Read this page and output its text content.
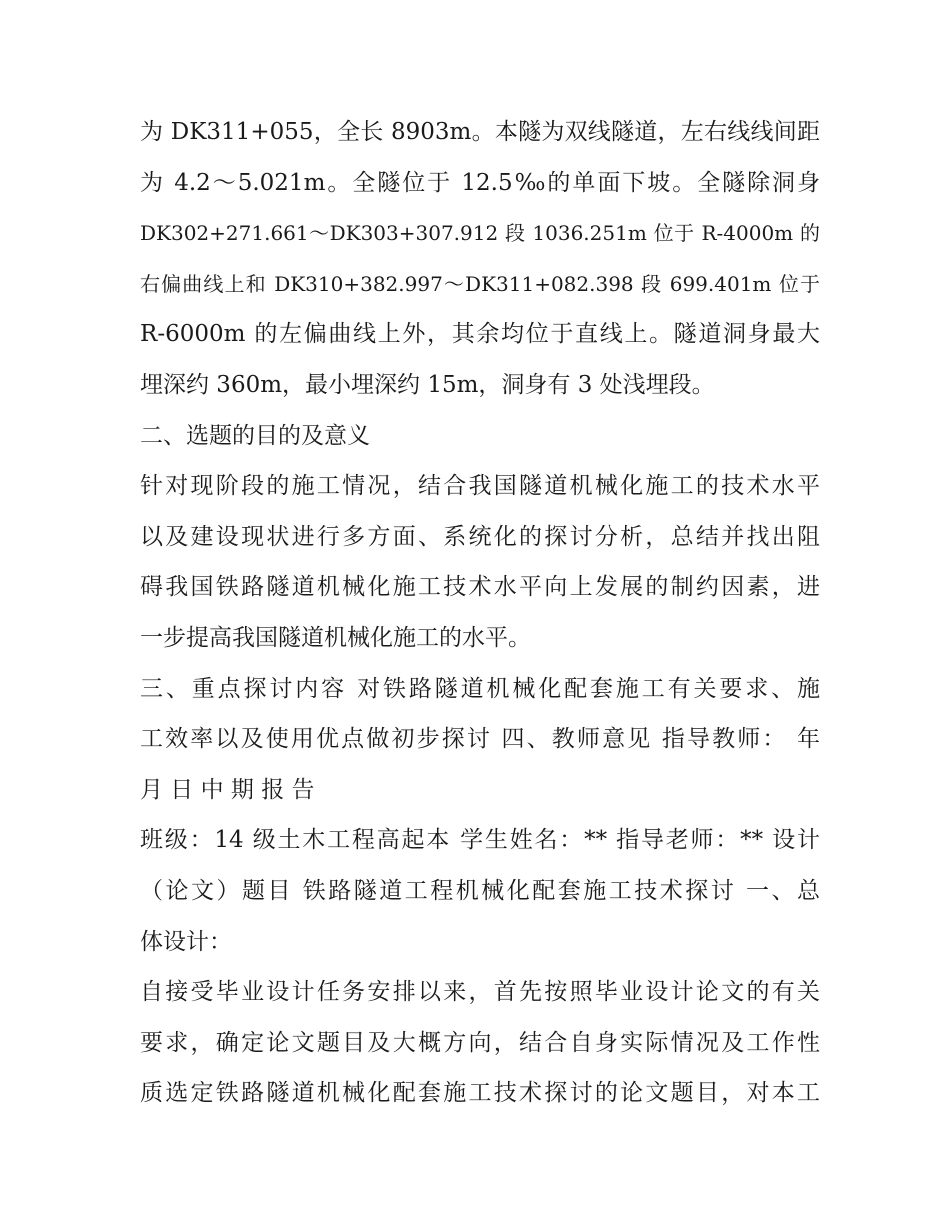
为 DK311+055，全长 8903m。本隧为双线隧道，左右线线间距
为 4.2～5.021m。全隧位于 12.5‰的单面下坡。全隧除洞身
DK302+271.661～DK303+307.912 段 1036.251m 位于 R-4000m 的
右偏曲线上和 DK310+382.997～DK311+082.398 段 699.401m 位于
R-6000m 的左偏曲线上外，其余均位于直线上。隧道洞身最大
埋深约 360m，最小埋深约 15m，洞身有 3 处浅埋段。
二、选题的目的及意义
针对现阶段的施工情况，结合我国隧道机械化施工的技术水平
以及建设现状进行多方面、系统化的探讨分析，总结并找出阻
碍我国铁路隧道机械化施工技术水平向上发展的制约因素，进
一步提高我国隧道机械化施工的水平。
三、重点探讨内容 对铁路隧道机械化配套施工有关要求、施
工效率以及使用优点做初步探讨 四、教师意见 指导教师： 年
月 日 中 期 报 告
班级：14 级土木工程高起本 学生姓名：** 指导老师：** 设计
（论文）题目 铁路隧道工程机械化配套施工技术探讨 一、总
体设计：
自接受毕业设计任务安排以来，首先按照毕业设计论文的有关
要求，确定论文题目及大概方向，结合自身实际情况及工作性
质选定铁路隧道机械化配套施工技术探讨的论文题目，对本工
